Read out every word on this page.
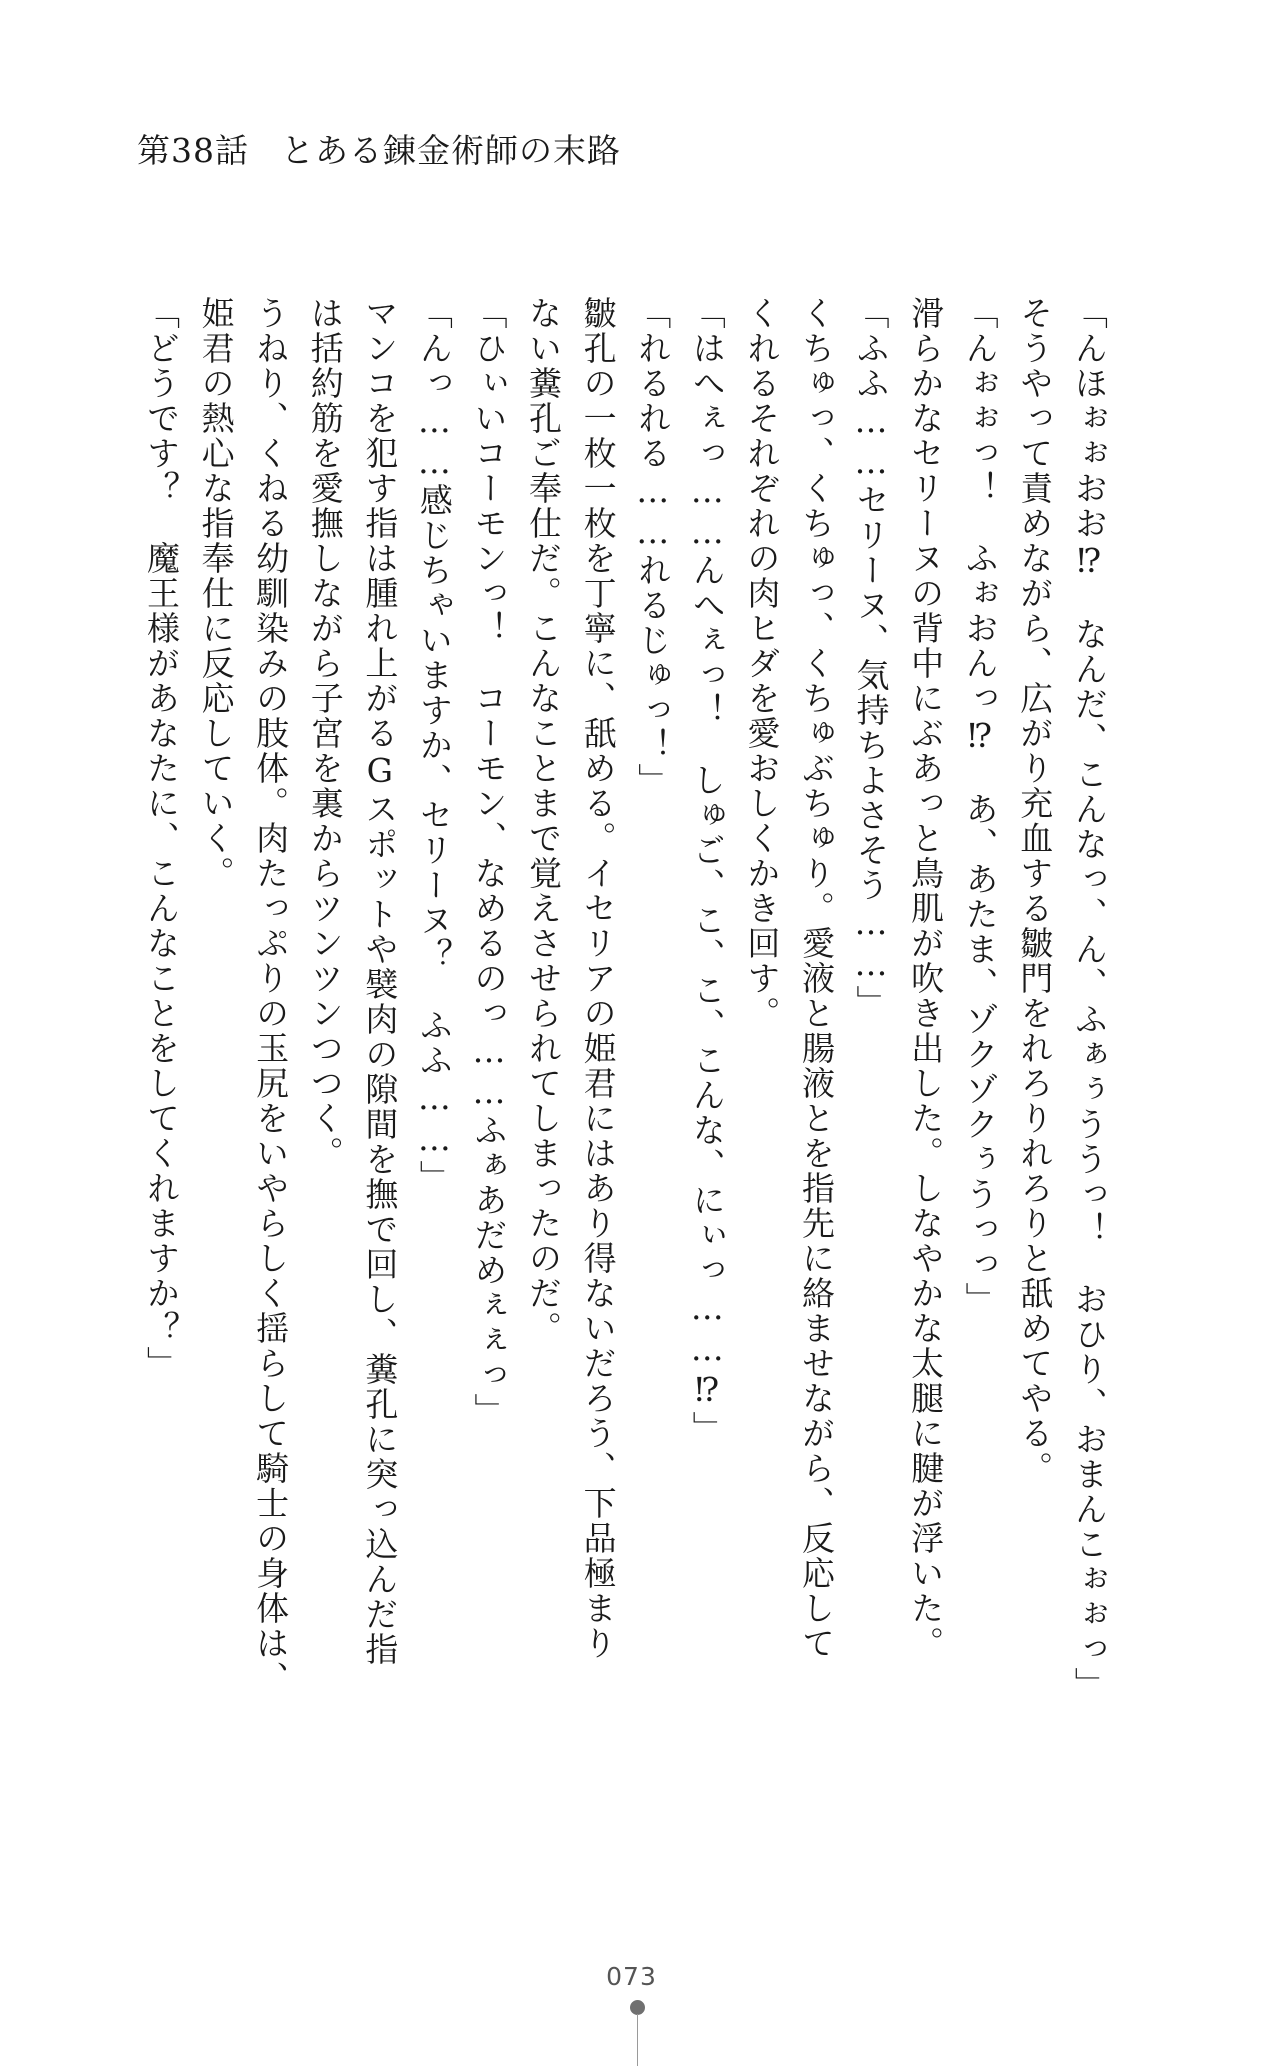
第38話 とある錬金術師の末路
「んほぉぉおお⁉　なんだ、こんなっ、ん、ふぁぅううっ！　おひり、おまんこぉぉっ」
そうやって責めながら、広がり充血する皺門をれろりれろりと舐めてやる。
「んぉぉっ！　ふぉおんっ⁉　あ、あたま、ゾクゾクぅうっっ」
滑らかなセリーヌの背中にぶあっと鳥肌が吹き出した。しなやかな太腿に腱が浮いた。
「ふふ……セリーヌ、気持ちよさそう……」
くちゅっ、くちゅっ、くちゅぶちゅり。愛液と腸液とを指先に絡ませながら、反応して
くれるそれぞれの肉ヒダを愛おしくかき回す。
「はへぇっ……んへぇっ！　しゅご、こ、こ、こんな、にぃっ……⁉」
「れるれる……れるじゅっ！」
皺孔の一枚一枚を丁寧に、舐める。イセリアの姫君にはあり得ないだろう、下品極まり
ない糞孔ご奉仕だ。こんなことまで覚えさせられてしまったのだ。
「ひぃいコーモンっ！　コーモン、なめるのっ……ふぁあだめぇぇっ」
「んっ……感じちゃいますか、セリーヌ？　ふふ……」
マンコを犯す指は腫れ上がるGスポットや襞肉の隙間を撫で回し、糞孔に突っ込んだ指
は括約筋を愛撫しながら子宮を裏からツンツンつつく。
うねり、くねる幼馴染みの肢体。肉たっぷりの玉尻をいやらしく揺らして騎士の身体は、
姫君の熱心な指奉仕に反応していく。
「どうです？　魔王様があなたに、こんなことをしてくれますか？」
073
